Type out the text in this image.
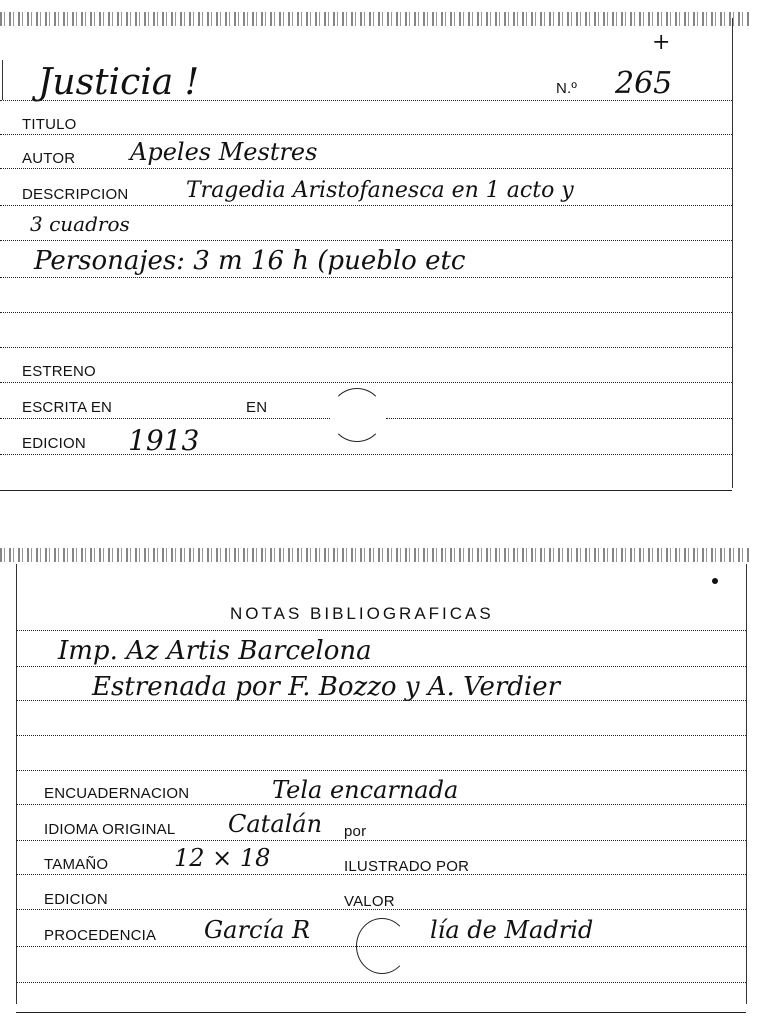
Justicia !	N.º 265
+
TITULO
AUTOR Apeles Mestres
DESCRIPCION	Tragedia Aristofanesca en 1 acto y
3 cuadros
Personajes: 3 m 16 h (pueblo etc
ESTRENO
ESCRITA EN	EN
EDICION 1913
NOTAS BIBLIOGRAFICAS
Imp. Az Artis Barcelona
Estrenada por F. Bozzo y A. Verdier
ENCUADERNACION	Tela encarnada
IDIOMA ORIGINAL Catalán por
TAMAÑO	12 × 18	ILUSTRADO POR
EDICION	VALOR
PROCEDENCIA García R	lía de Madrid
